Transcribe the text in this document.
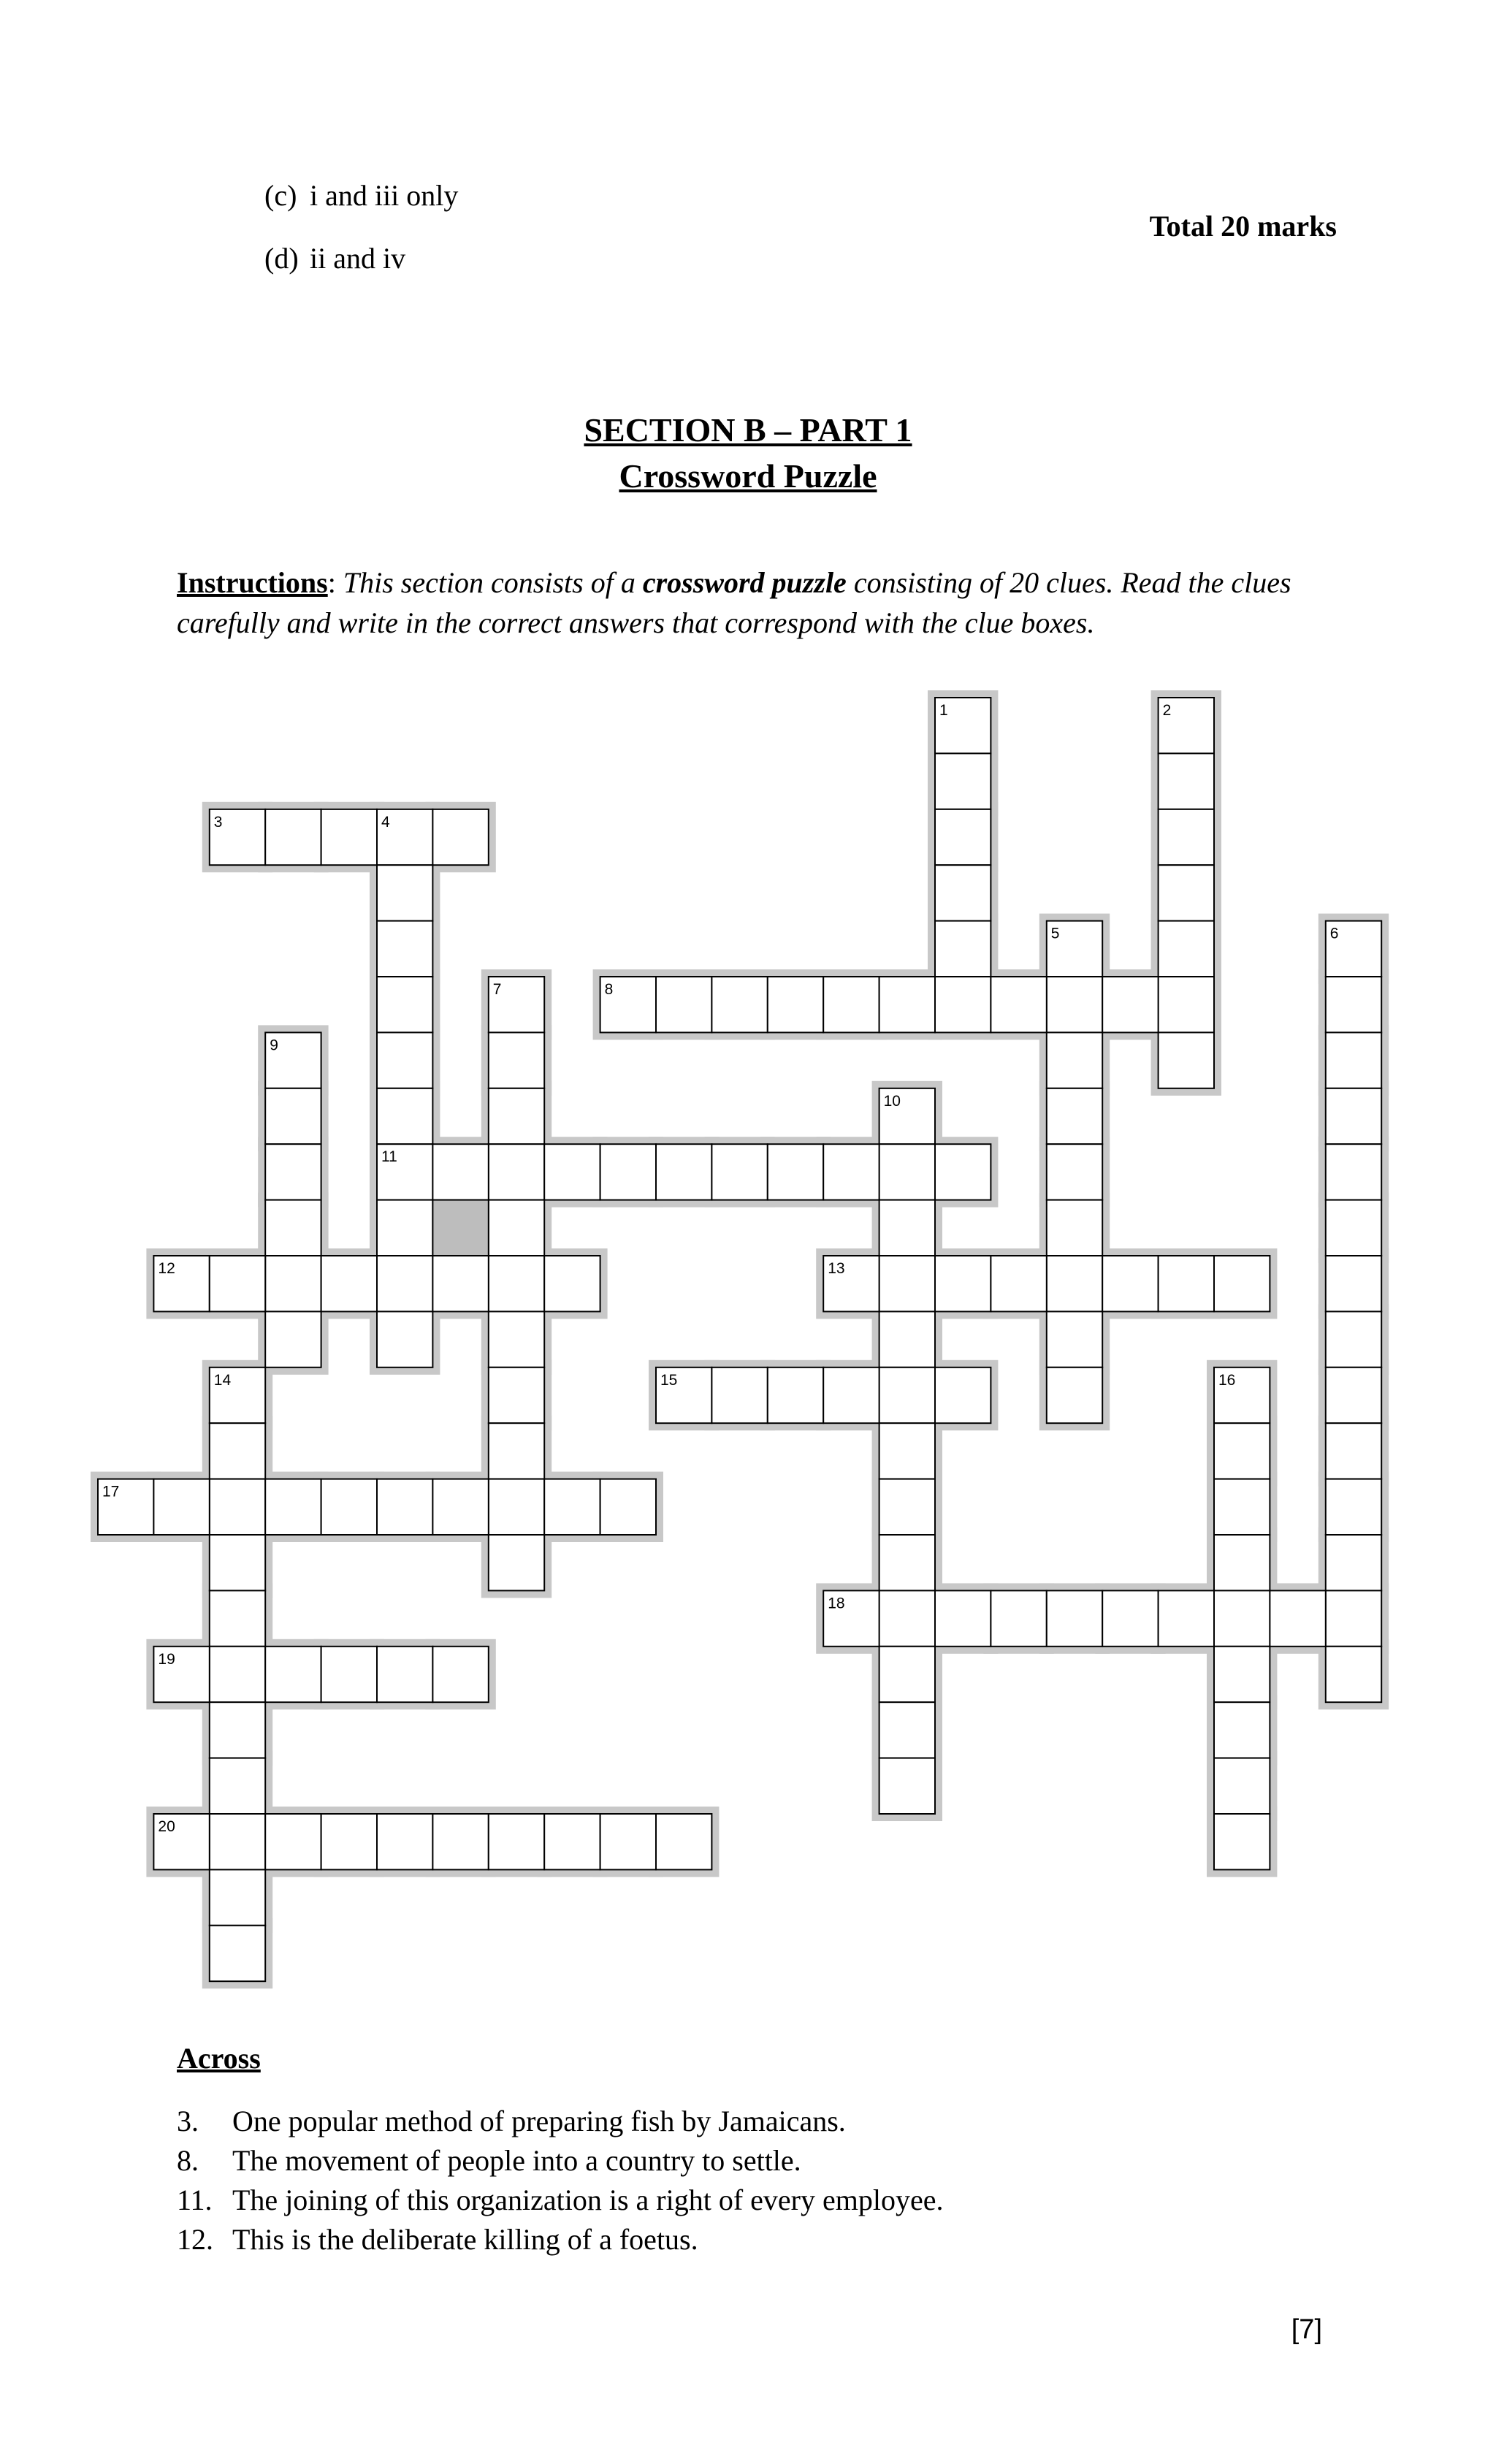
(c) i and iii only
(d) ii and iv
Total 20 marks
SECTION B – PART 1
Crossword Puzzle
Instructions: This section consists of a crossword puzzle consisting of 20 clues. Read the clues carefully and write in the correct answers that correspond with the clue boxes.
1	2
3	4
11
5	6
7	8
9
10
12	13
14	15	16
17
18
19
20
Across
3. One popular method of preparing fish by Jamaicans.
8. The movement of people into a country to settle.
11. The joining of this organization is a right of every employee.
12. This is the deliberate killing of a foetus.
[7]
